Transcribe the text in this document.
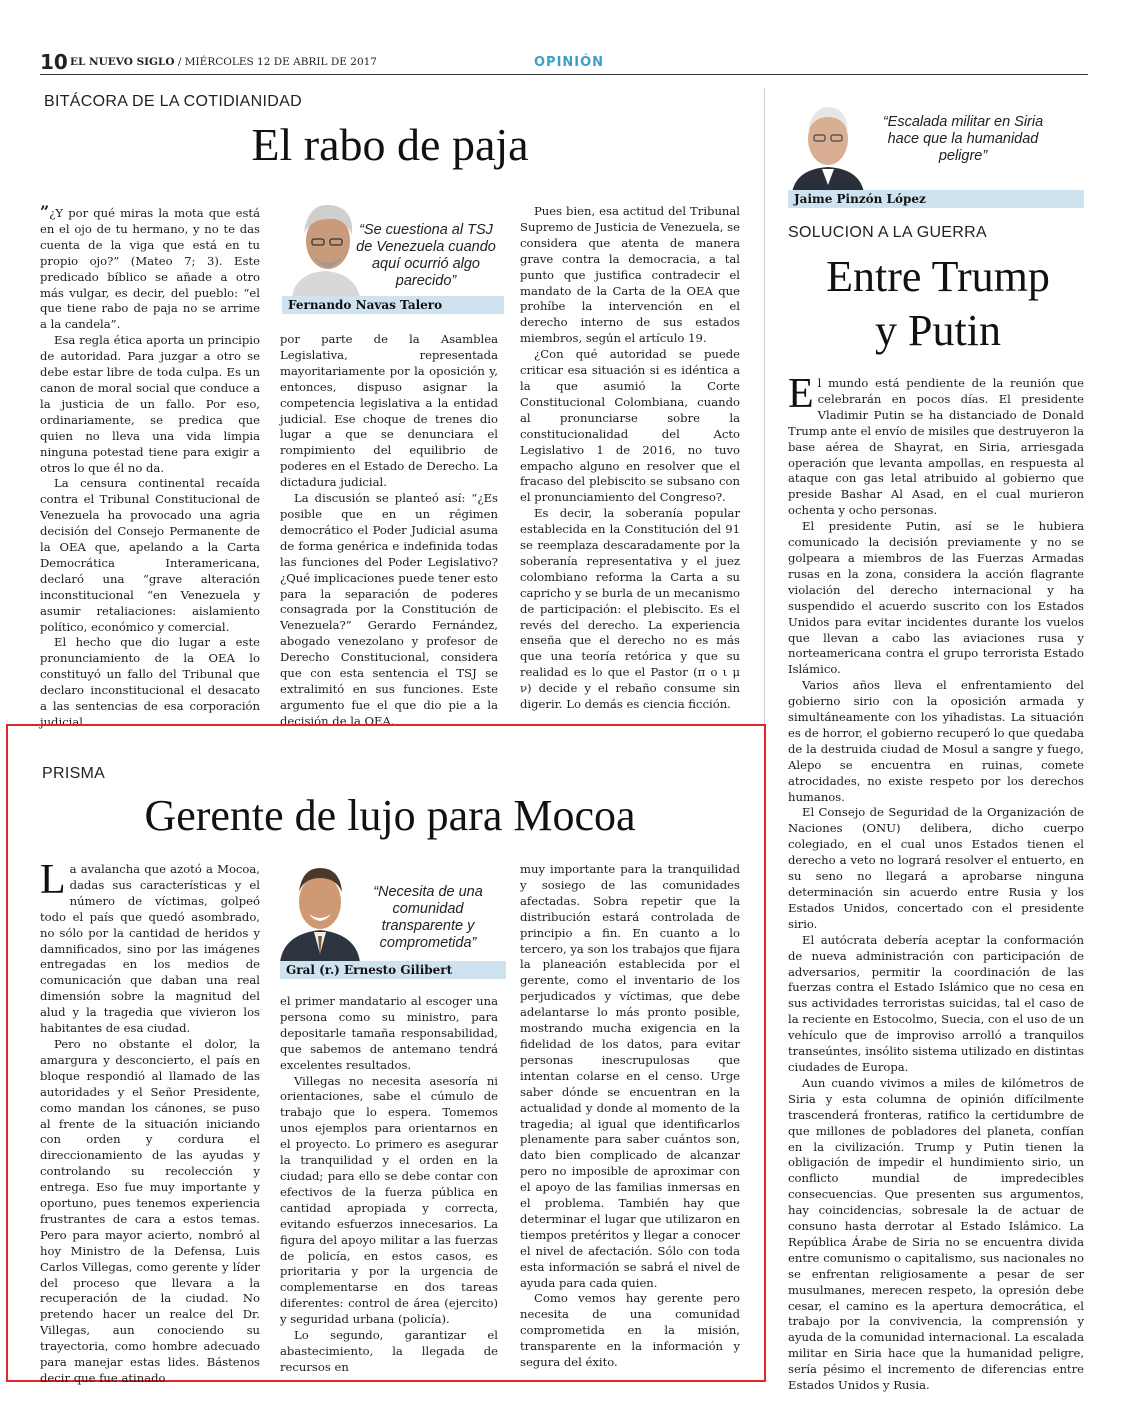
10 EL NUEVO SIGLO / MIÉRCOLES 12 DE ABRIL DE 2017	OPINIÓN
BITÁCORA DE LA COTIDIANIDAD
El rabo de paja

”¿Y por qué miras la mota que está en el ojo de tu hermano, y no te das cuenta de la viga que está en tu propio ojo?” (Mateo 7; 3). Este predicado bíblico se añade a otro más vulgar, es decir, del pueblo: “el que tiene rabo de paja no se arrime a la candela”.

Esa regla ética aporta un principio de autoridad. Para juzgar a otro se debe estar libre de toda culpa. Es un canon de moral social que conduce a la justicia de un fallo. Por eso, ordinariamente, se predica que quien no lleva una vida limpia ninguna potestad tiene para exigir a otros lo que él no da.

La censura continental recaída contra el Tribunal Constitucional de Venezuela ha provocado una agria decisión del Consejo Permanente de la OEA que, apelando a la Carta Democrática Interamericana, declaró una “grave alteración inconstitucional “en Venezuela y asumir retaliaciones: aislamiento político, económico y comercial.

El hecho que dio lugar a este pronunciamiento de la OEA lo constituyó un fallo del Tribunal que declaro inconstitucional el desacato a las sentencias de esa corporación judicial

“Se cuestiona al TSJ de Venezuela cuando aquí ocurrió algo parecido”
Fernando Navas Talero

por parte de la Asamblea Legislativa, representada mayoritariamente por la oposición y, entonces, dispuso asignar la competencia legislativa a la entidad judicial. Ese choque de trenes dio lugar a que se denunciara el rompimiento del equilibrio de poderes en el Estado de Derecho. La dictadura judicial.

La discusión se planteó así: “¿Es posible que en un régimen democrático el Poder Judicial asuma de forma genérica e indefinida todas las funciones del Poder Legislativo? ¿Qué implicaciones puede tener esto para la separación de poderes consagrada por la Constitución de Venezuela?” Gerardo Fernández, abogado venezolano y profesor de Derecho Constitucional, considera que con esta sentencia el TSJ se extralimitó en sus funciones. Este argumento fue el que dio pie a la decisión de la OEA.

Pues bien, esa actitud del Tribunal Supremo de Justicia de Venezuela, se considera que atenta de manera grave contra la democracia, a tal punto que justifica contradecir el mandato de la Carta de la OEA que prohíbe la intervención en el derecho interno de sus estados miembros, según el artículo 19.

¿Con qué autoridad se puede criticar esa situación si es idéntica a la que asumió la Corte Constitucional Colombiana, cuando al pronunciarse sobre la constitucionalidad del Acto Legislativo 1 de 2016, no tuvo empacho alguno en resolver que el fracaso del plebiscito se subsano con el pronunciamiento del Congreso?.

Es decir, la soberanía popular establecida en la Constitución del 91 se reemplaza descaradamente por la soberanía representativa y el juez colombiano reforma la Carta a su capricho y se burla de un mecanismo de participación: el plebiscito. Es el revés del derecho. La experiencia enseña que el derecho no es más que una teoría retórica y que su realidad es lo que el Pastor (π ο ι μ ν) decide y el rebaño consume sin digerir. Lo demás es ciencia ficción.

“Escalada militar en Siria hace que la humanidad peligre”
Jaime Pinzón López
SOLUCION A LA GUERRA
Entre Trump
y Putin

El mundo está pendiente de la reunión que celebrarán en pocos días. El presidente Vladimir Putin se ha distanciado de Donald Trump ante el envío de misiles que destruyeron la base aérea de Shayrat, en Siria, arriesgada operación que levanta ampollas, en respuesta al ataque con gas letal atribuido al gobierno que preside Bashar Al Asad, en el cual murieron ochenta y ocho personas.

El presidente Putin, así se le hubiera comunicado la decisión previamente y no se golpeara a miembros de las Fuerzas Armadas rusas en la zona, considera la acción flagrante violación del derecho internacional y ha suspendido el acuerdo suscrito con los Estados Unidos para evitar incidentes durante los vuelos que llevan a cabo las aviaciones rusa y norteamericana contra el grupo terrorista Estado Islámico.

Varios años lleva el enfrentamiento del gobierno sirio con la oposición armada y simultáneamente con los yihadistas. La situación es de horror, el gobierno recuperó lo que quedaba de la destruida ciudad de Mosul a sangre y fuego, Alepo se encuentra en ruinas, comete atrocidades, no existe respeto por los derechos humanos.

El Consejo de Seguridad de la Organización de Naciones (ONU) delibera, dicho cuerpo colegiado, en el cual unos Estados tienen el derecho a veto no logrará resolver el entuerto, en su seno no llegará a aprobarse ninguna determinación sin acuerdo entre Rusia y los Estados Unidos, concertado con el presidente sirio.

El autócrata debería aceptar la conformación de nueva administración con participación de adversarios, permitir la coordinación de las fuerzas contra el Estado Islámico que no cesa en sus actividades terroristas suicidas, tal el caso de la reciente en Estocolmo, Suecia, con el uso de un vehículo que de improviso arrolló a tranquilos transeúntes, insólito sistema utilizado en distintas ciudades de Europa.

Aun cuando vivimos a miles de kilómetros de Siria y esta columna de opinión difícilmente trascenderá fronteras, ratifico la certidumbre de que millones de pobladores del planeta, confían en la civilización. Trump y Putin tienen la obligación de impedir el hundimiento sirio, un conflicto mundial de impredecibles consecuencias. Que presenten sus argumentos, hay coincidencias, sobresale la de actuar de consuno hasta derrotar al Estado Islámico. La República Árabe de Siria no se encuentra divida entre comunismo o capitalismo, sus nacionales no se enfrentan religiosamente a pesar de ser musulmanes, merecen respeto, la opresión debe cesar, el camino es la apertura democrática, el trabajo por la convivencia, la comprensión y ayuda de la comunidad internacional. La escalada militar en Siria hace que la humanidad peligre, sería pésimo el incremento de diferencias entre Estados Unidos y Rusia.

PRISMA
Gerente de lujo para Mocoa

La avalancha que azotó a Mocoa, dadas sus características y el número de víctimas, golpeó todo el país que quedó asombrado, no sólo por la cantidad de heridos y damnificados, sino por las imágenes entregadas en los medios de comunicación que daban una real dimensión sobre la magnitud del alud y la tragedia que vivieron los habitantes de esa ciudad.

Pero no obstante el dolor, la amargura y desconcierto, el país en bloque respondió al llamado de las autoridades y el Señor Presidente, como mandan los cánones, se puso al frente de la situación iniciando con orden y cordura el direccionamiento de las ayudas y controlando su recolección y entrega. Eso fue muy importante y oportuno, pues tenemos experiencia frustrantes de cara a estos temas. Pero para mayor acierto, nombró al hoy Ministro de la Defensa, Luis Carlos Villegas, como gerente y líder del proceso que llevara a la recuperación de la ciudad. No pretendo hacer un realce del Dr. Villegas, aun conociendo su trayectoria, como hombre adecuado para manejar estas lides. Bástenos decir que fue atinado

“Necesita de una comunidad transparente y comprometida”
Gral (r.) Ernesto Gilibert

el primer mandatario al escoger una persona como su ministro, para depositarle tamaña responsabilidad, que sabemos de antemano tendrá excelentes resultados.

Villegas no necesita asesoría ni orientaciones, sabe el cúmulo de trabajo que lo espera. Tomemos unos ejemplos para orientarnos en el proyecto. Lo primero es asegurar la tranquilidad y el orden en la ciudad; para ello se debe contar con efectivos de la fuerza pública en cantidad apropiada y correcta, evitando esfuerzos innecesarios. La figura del apoyo militar a las fuerzas de policía, en estos casos, es prioritaria y por la urgencia de complementarse en dos tareas diferentes: control de área (ejercito) y seguridad urbana (policía).

Lo segundo, garantizar el abastecimiento, la llegada de recursos en

muy importante para la tranquilidad y sosiego de las comunidades afectadas. Sobra repetir que la distribución estará controlada de principio a fin. En cuanto a lo tercero, ya son los trabajos que fijara la planeación establecida por el gerente, como el inventario de los perjudicados y víctimas, que debe adelantarse lo más pronto posible, mostrando mucha exigencia en la fidelidad de los datos, para evitar personas inescrupulosas que intentan colarse en el censo. Urge saber dónde se encuentran en la actualidad y donde al momento de la tragedia; al igual que identificarlos plenamente para saber cuántos son, dato bien complicado de alcanzar pero no imposible de aproximar con el apoyo de las familias inmersas en el problema. También hay que determinar el lugar que utilizaron en tiempos pretéritos y llegar a conocer el nivel de afectación. Sólo con toda esta información se sabrá el nivel de ayuda para cada quien.

Como vemos hay gerente pero necesita de una comunidad comprometida en la misión, transparente en la información y segura del éxito.
